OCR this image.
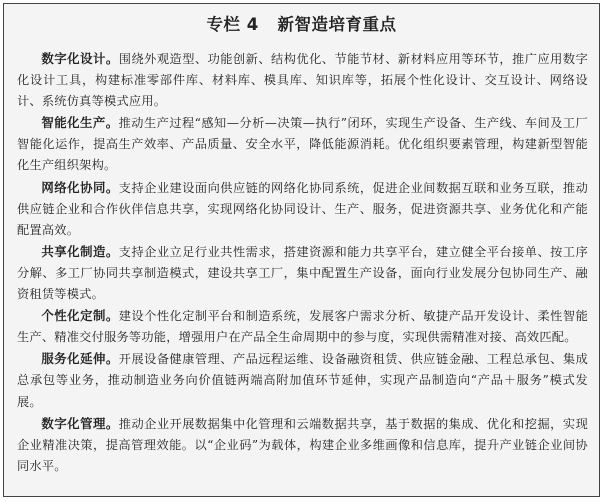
专栏 4   新智造培育重点

数字化设计。围绕外观造型、功能创新、结构优化、节能节材、新材料应用等环节，推广应用数字化设计工具，构建标准零部件库、材料库、模具库、知识库等，拓展个性化设计、交互设计、网络设计、系统仿真等模式应用。

智能化生产。推动生产过程“感知—分析—决策—执行”闭环，实现生产设备、生产线、车间及工厂智能化运作，提高生产效率、产品质量、安全水平，降低能源消耗。优化组织要素管理，构建新型智能化生产组织架构。

网络化协同。支持企业建设面向供应链的网络化协同系统，促进企业间数据互联和业务互联，推动供应链企业和合作伙伴信息共享，实现网络化协同设计、生产、服务，促进资源共享、业务优化和产能配置高效。

共享化制造。支持企业立足行业共性需求，搭建资源和能力共享平台，建立健全平台接单、按工序分解、多工厂协同共享制造模式，建设共享工厂，集中配置生产设备，面向行业发展分包协同生产、融资租赁等模式。

个性化定制。建设个性化定制平台和制造系统，发展客户需求分析、敏捷产品开发设计、柔性智能生产、精准交付服务等功能，增强用户在产品全生命周期中的参与度，实现供需精准对接、高效匹配。

服务化延伸。开展设备健康管理、产品远程运维、设备融资租赁、供应链金融、工程总承包、集成总承包等业务，推动制造业务向价值链两端高附加值环节延伸，实现产品制造向“产品＋服务”模式发展。

数字化管理。推动企业开展数据集中化管理和云端数据共享，基于数据的集成、优化和挖掘，实现企业精准决策，提高管理效能。以“企业码”为载体，构建企业多维画像和信息库，提升产业链企业间协同水平。
